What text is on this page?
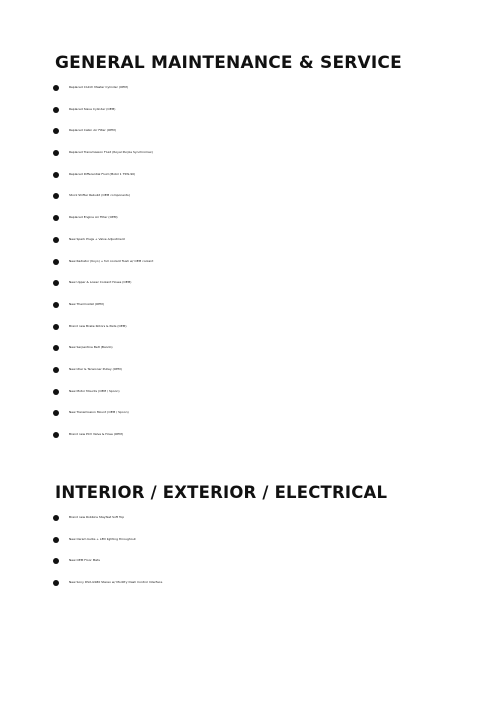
GENERAL MAINTENANCE & SERVICE
Replaced Clutch Master Cylinder (OEM)
Replaced Slave Cylinder (OEM)
Replaced Cabin Air Filter (OEM)
Replaced Transmission Fluid (Royal Purple Synchromax)
Replaced Differential Fluid (Mobil 1 75W-90)
Stock Shifter Rebuild (OEM components)
Replaced Engine Air Filter (OEM)
New Spark Plugs + Valve Adjustment
New Radiator (Koyo) + full coolant flush w/ OEM coolant
New Upper & Lower Coolant Hoses (OEM)
New Thermostat (OEM)
Brand new Brake Rotors & Pads (OEM)
New Serpentine Belt (Bando)
New Idler & Tensioner Pulley (OEM)
New Motor Mounts (OEM / Spoon)
New Transmission Mount (OEM / Spoon)
Brand new PCV Valve & Hose (OEM)
INTERIOR / EXTERIOR / ELECTRICAL
Brand new Robbins Stayfast Soft Top
New Osram bulbs + LED lighting throughout
New OEM Floor Mats
New Sony DSX-GS80 Stereo w/ Modifry Dash Control Interface
